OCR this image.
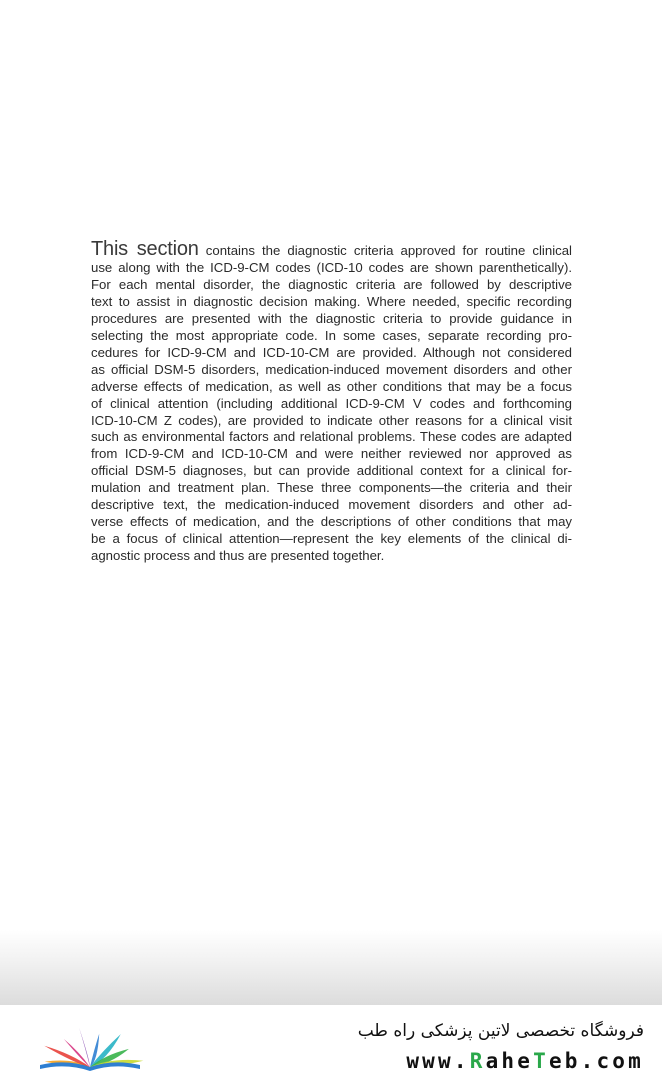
This section contains the diagnostic criteria approved for routine clinical
use along with the ICD-9-CM codes (ICD-10 codes are shown parenthetically).
For each mental disorder, the diagnostic criteria are followed by descriptive
text to assist in diagnostic decision making. Where needed, specific recording
procedures are presented with the diagnostic criteria to provide guidance in
selecting the most appropriate code. In some cases, separate recording pro-
cedures for ICD-9-CM and ICD-10-CM are provided. Although not considered
as official DSM-5 disorders, medication-induced movement disorders and other
adverse effects of medication, as well as other conditions that may be a focus
of clinical attention (including additional ICD-9-CM V codes and forthcoming
ICD-10-CM Z codes), are provided to indicate other reasons for a clinical visit
such as environmental factors and relational problems. These codes are adapted
from ICD-9-CM and ICD-10-CM and were neither reviewed nor approved as
official DSM-5 diagnoses, but can provide additional context for a clinical for-
mulation and treatment plan. These three components—the criteria and their
descriptive text, the medication-induced movement disorders and other ad-
verse effects of medication, and the descriptions of other conditions that may
be a focus of clinical attention—represent the key elements of the clinical di-
agnostic process and thus are presented together.
فروشگاه تخصصی لاتین پزشکی راه طب
www.RaheTeb.com
